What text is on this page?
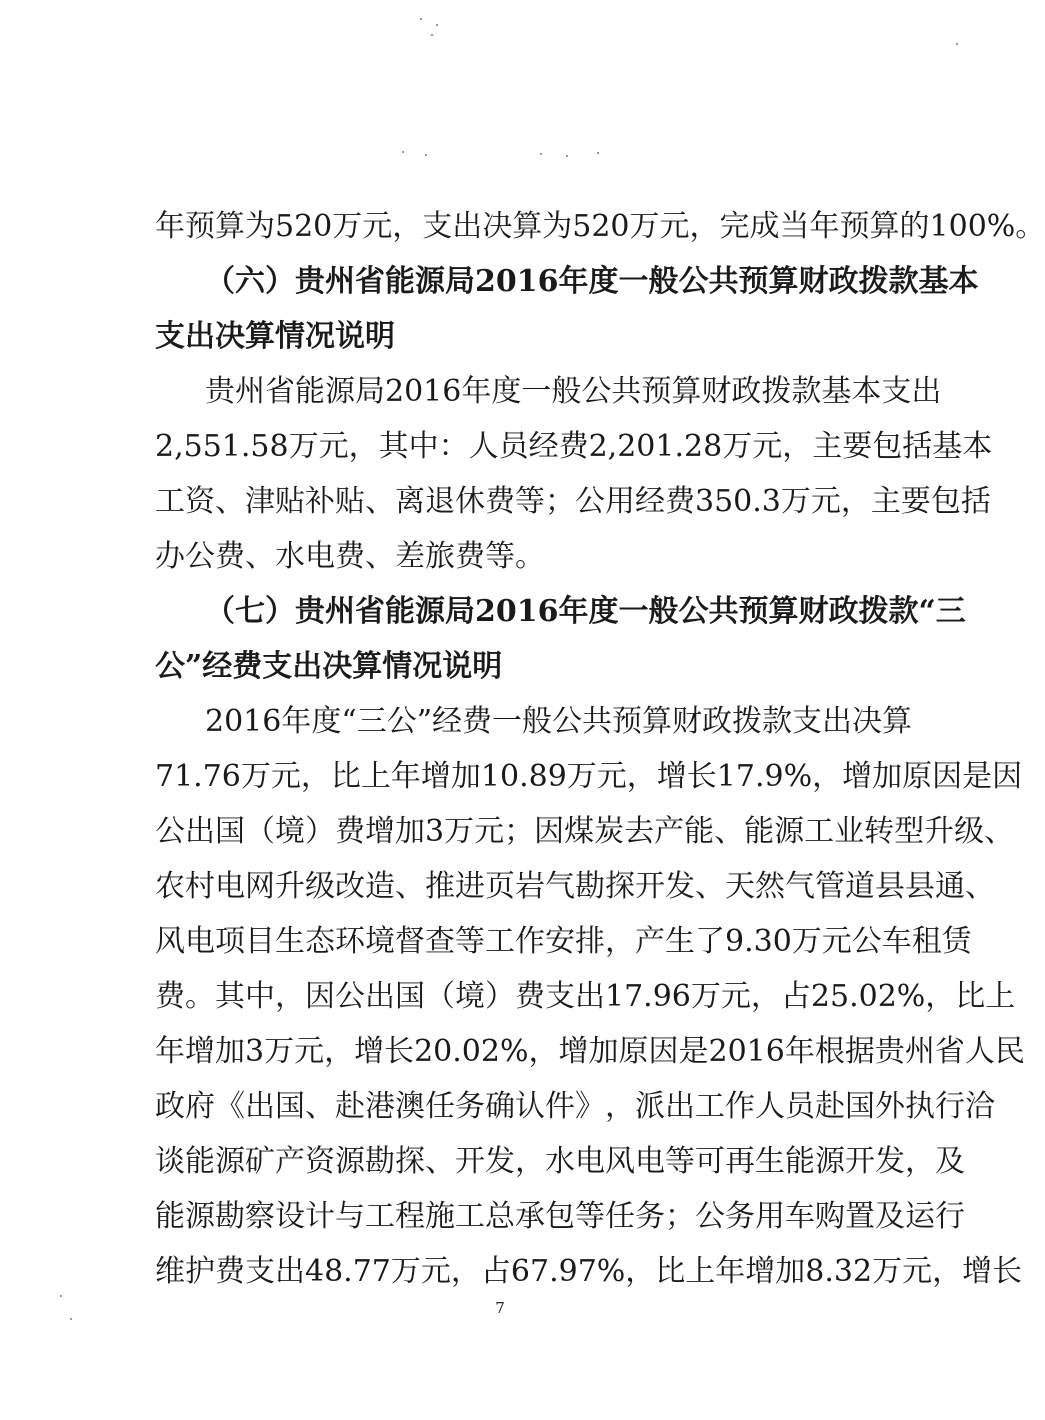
年预算为520万元，支出决算为520万元，完成当年预算的100%。
（ 六 ） 贵 州 省 能 源 局 2016 年 度 一 般 公 共 预 算 财 政 拨 款 基 本
支出决算情况说明
贵 州 省 能 源 局 2016 年 度 一 般 公 共 预 算 财 政 拨 款 基 本 支 出
2,551.58 万 元 ， 其 中 ： 人 员 经 费 2,201.28 万 元 ， 主 要 包 括 基 本
工 资 、 津 贴 补 贴 、 离 退 休 费 等 ； 公 用 经 费 350.3 万 元 ， 主 要 包 括
办公费、水电费、差旅费等。
（ 七 ） 贵 州 省 能 源 局 2016 年 度 一 般 公 共 预 算 财 政 拨 款 “ 三
公”经费支出决算情况说明
2016 年 度 “ 三 公 ” 经 费 一 般 公 共 预 算 财 政 拨 款 支 出 决 算
71.76 万 元 ， 比 上 年 增 加 10.89 万 元 ， 增 长 17.9% ， 增 加 原 因 是 因
公 出 国 （ 境 ） 费 增 加 3 万 元 ； 因 煤 炭 去 产 能 、 能 源 工 业 转 型 升 级 、
农 村 电 网 升 级 改 造 、 推 进 页 岩 气 勘 探 开 发 、 天 然 气 管 道 县 县 通 、
风 电 项 目 生 态 环 境 督 查 等 工 作 安 排 ， 产 生 了 9.30 万 元 公 车 租 赁
费 。 其 中 ， 因 公 出 国 （ 境 ） 费 支 出 17.96 万 元 ， 占 25.02% ， 比 上
年 增 加 3 万 元 ， 增 长 20.02% ， 增 加 原 因 是 2016 年 根 据 贵 州 省 人 民
政 府 《 出 国 、 赴 港 澳 任 务 确 认 件 》 ， 派 出 工 作 人 员 赴 国 外 执 行 洽
谈 能 源 矿 产 资 源 勘 探 、 开 发 ， 水 电 风 电 等 可 再 生 能 源 开 发 ， 及
能 源 勘 察 设 计 与 工 程 施 工 总 承 包 等 任 务 ； 公 务 用 车 购 置 及 运 行
维 护 费 支 出 48.77 万 元 ， 占 67.97% ， 比 上 年 增 加 8.32 万 元 ， 增 长
7
